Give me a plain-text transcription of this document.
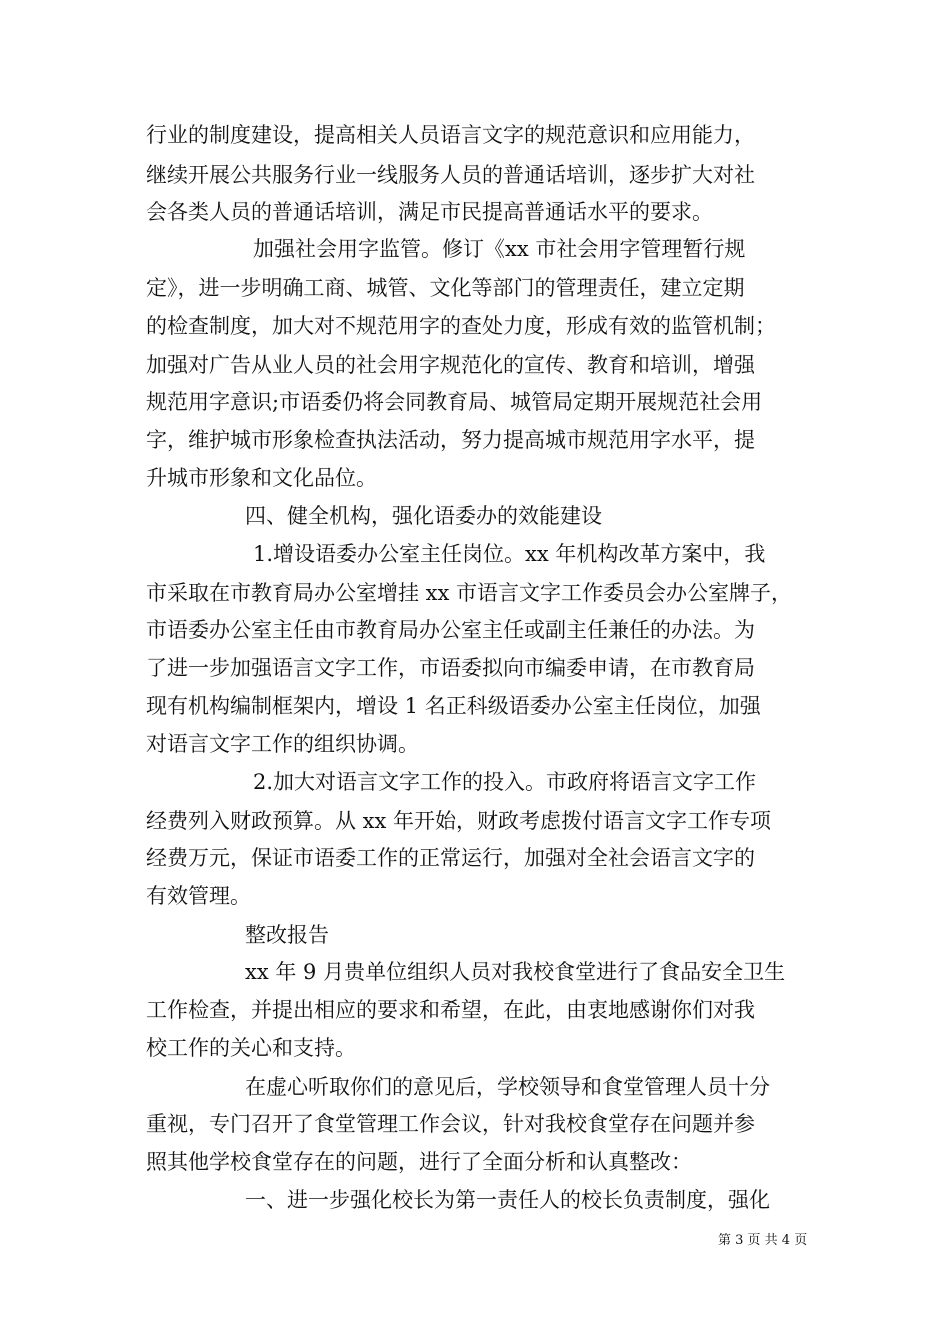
行业的制度建设，提高相关人员语言文字的规范意识和应用能力，
继续开展公共服务行业一线服务人员的普通话培训，逐步扩大对社
会各类人员的普通话培训，满足市民提高普通话水平的要求。
加强社会用字监管。修订《xx 市社会用字管理暂行规
定》，进一步明确工商、城管、文化等部门的管理责任，建立定期
的检查制度，加大对不规范用字的查处力度，形成有效的监管机制；
加强对广告从业人员的社会用字规范化的宣传、教育和培训，增强
规范用字意识;市语委仍将会同教育局、城管局定期开展规范社会用
字，维护城市形象检查执法活动，努力提高城市规范用字水平，提
升城市形象和文化品位。
四、健全机构，强化语委办的效能建设
1.增设语委办公室主任岗位。xx 年机构改革方案中，我
市采取在市教育局办公室增挂 xx 市语言文字工作委员会办公室牌子，
市语委办公室主任由市教育局办公室主任或副主任兼任的办法。为
了进一步加强语言文字工作，市语委拟向市编委申请，在市教育局
现有机构编制框架内，增设 1 名正科级语委办公室主任岗位，加强
对语言文字工作的组织协调。
2.加大对语言文字工作的投入。市政府将语言文字工作
经费列入财政预算。从 xx 年开始，财政考虑拨付语言文字工作专项
经费万元，保证市语委工作的正常运行，加强对全社会语言文字的
有效管理。
整改报告
xx 年 9 月贵单位组织人员对我校食堂进行了食品安全卫生
工作检查，并提出相应的要求和希望，在此，由衷地感谢你们对我
校工作的关心和支持。
在虚心听取你们的意见后，学校领导和食堂管理人员十分
重视，专门召开了食堂管理工作会议，针对我校食堂存在问题并参
照其他学校食堂存在的问题，进行了全面分析和认真整改：
一、进一步强化校长为第一责任人的校长负责制度，强化
第 3 页 共 4 页
